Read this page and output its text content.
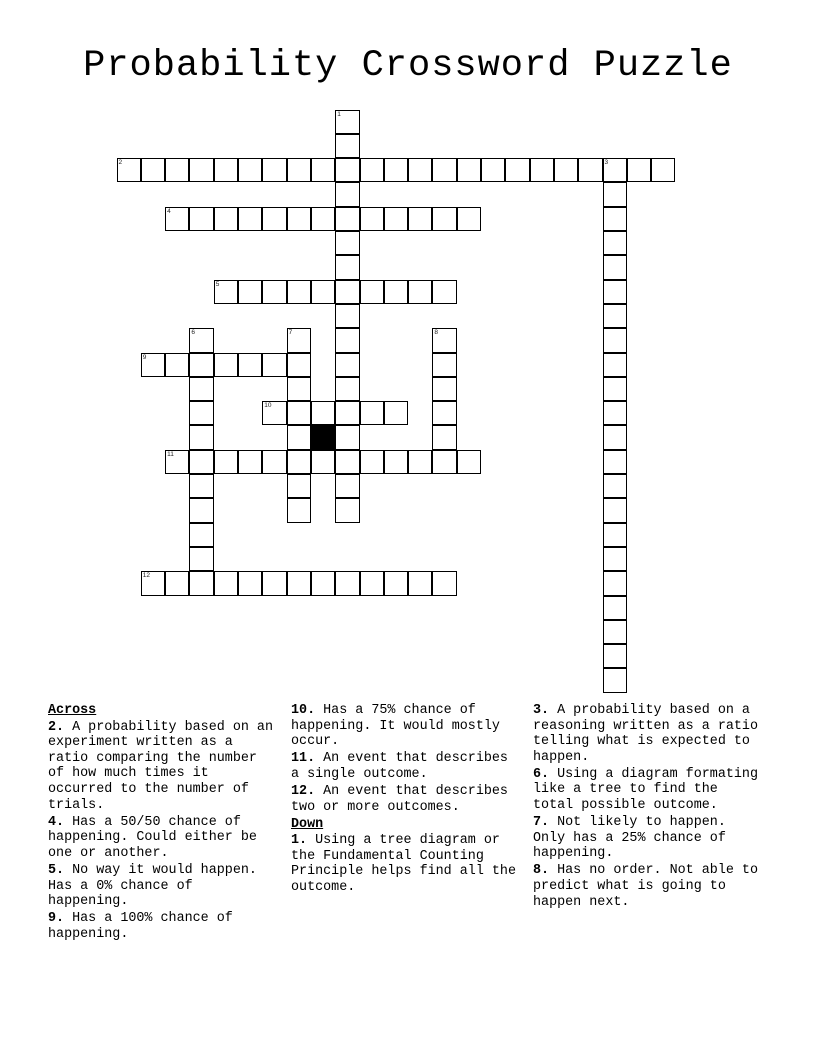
Probability Crossword Puzzle
1
2	3
4
5
6	7	8
9
10
11
12
Across
2. A probability based on an experiment written as a ratio comparing the number of how much times it occurred to the number of trials.
4. Has a 50/50 chance of happening. Could either be one or another.
5. No way it would happen. Has a 0% chance of happening.
9. Has a 100% chance of happening.
10. Has a 75% chance of happening. It would mostly occur.
11. An event that describes a single outcome.
12. An event that describes two or more outcomes.
Down
1. Using a tree diagram or the Fundamental Counting Principle helps find all the outcome.
3. A probability based on a reasoning written as a ratio telling what is expected to happen.
6. Using a diagram formating like a tree to find the total possible outcome.
7. Not likely to happen. Only has a 25% chance of happening.
8. Has no order. Not able to predict what is going to happen next.
